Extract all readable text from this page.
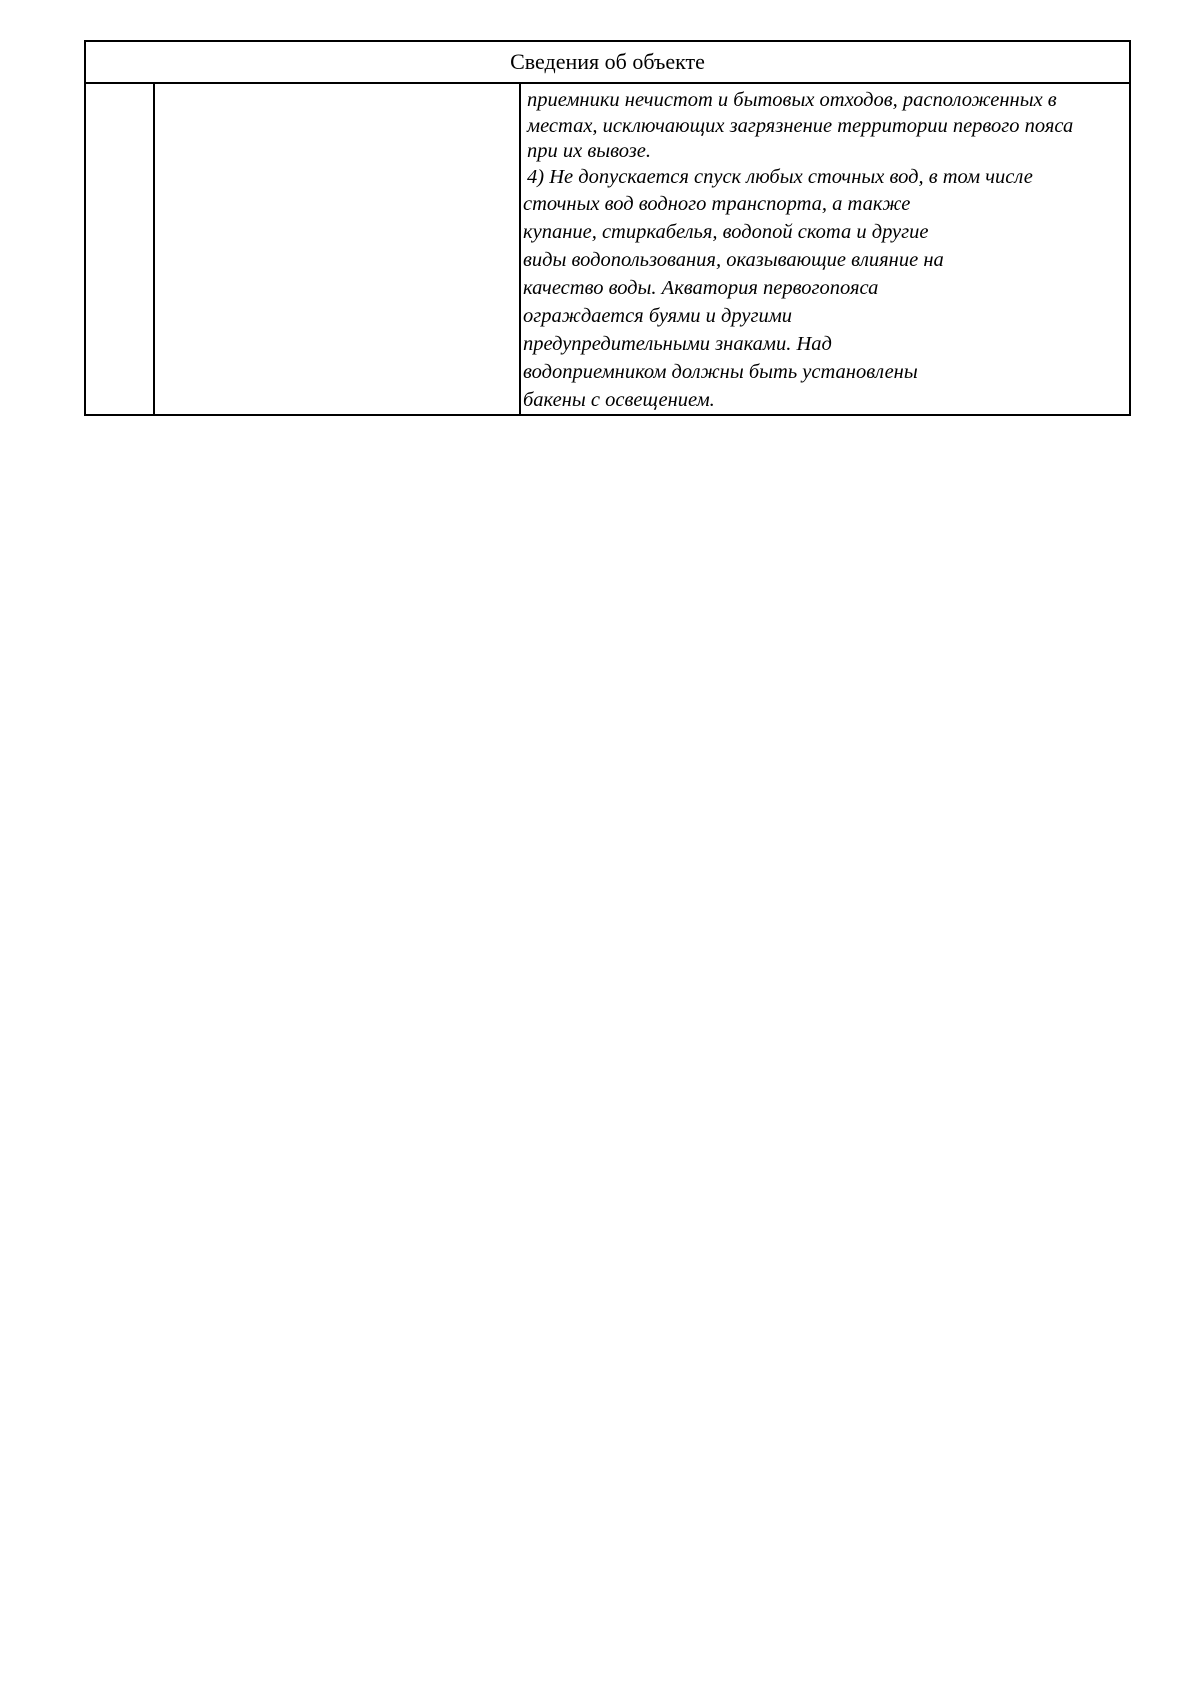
Сведения об объекте
приемники нечистот и бытовых отходов, расположенных в
местах, исключающих загрязнение территории первого пояса
при их вывозе.
4) Не допускается спуск любых сточных вод, в том числе
сточных вод водного транспорта, а также
купание, стиркабелья, водопой скота и другие
виды водопользования, оказывающие влияние на
качество воды. Акватория первогопояса
ограждается буями и другими
предупредительными знаками. Над
водоприемником должны быть установлены
бакены с освещением.
